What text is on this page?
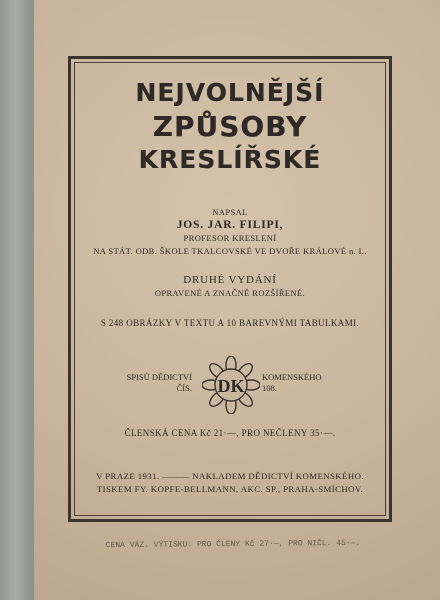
NEJVOLNĚJŠÍ
ZPŮSOBY
KRESLÍŘSKÉ
NAPSAL
JOS. JAR. FILIPI,
PROFESOR KRESLENÍ
NA STÁT. ODB. ŠKOLE TKALCOVSKÉ VE DVOŘE KRÁLOVÉ n. L.
DRUHÉ VYDÁNÍ
OPRAVENÉ A ZNAČNĚ ROZŠÍŘENÉ.
S 248 OBRÁZKY V TEXTU A 10 BAREVNÝMI TABULKAMI.
SPISŮ DĚDICTVÍ
ČÍS. DK KOMENSKÉHO
108.
ČLENSKÁ CENA Kč 21·—, PRO NEČLENY 35·—.
V PRAZE 1931. ——— NAKLADEM DĚDICTVÍ KOMENSKÉHO.
TISKEM FY. KOPFE-BELLMANN, AKC. SP., PRAHA-SMÍCHOV.
CENA VÁZ. VÝTISKU: PRO ČLENY Kč 27·—, PRO NIČL. 45·—.
